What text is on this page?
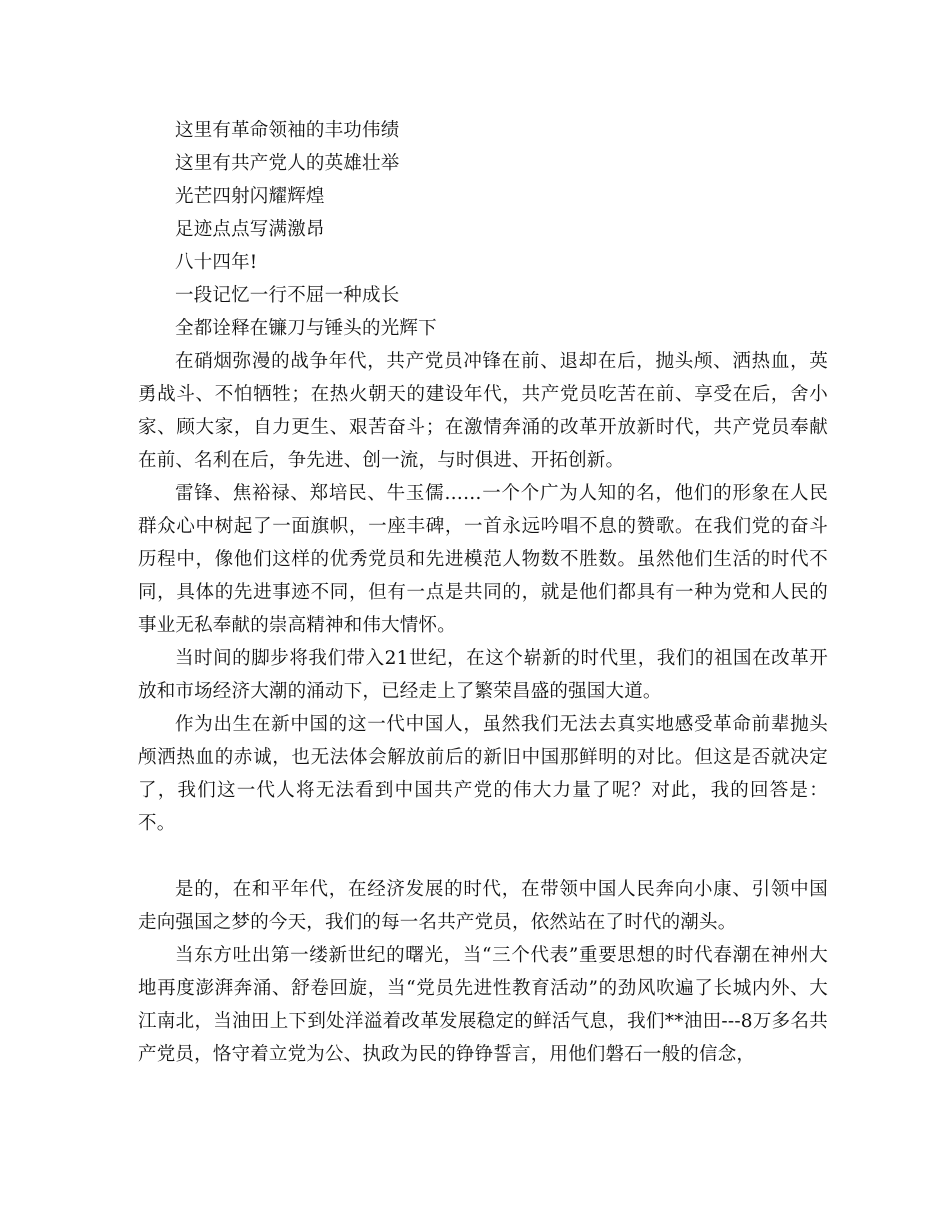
这里有革命领袖的丰功伟绩

这里有共产党人的英雄壮举

光芒四射闪耀辉煌

足迹点点写满激昂

八十四年!

一段记忆一行不屈一种成长

全都诠释在镰刀与锤头的光辉下

在硝烟弥漫的战争年代，共产党员冲锋在前、退却在后，抛头颅、洒热血，英勇战斗、不怕牺牲；在热火朝天的建设年代，共产党员吃苦在前、享受在后，舍小家、顾大家，自力更生、艰苦奋斗；在激情奔涌的改革开放新时代，共产党员奉献在前、名利在后，争先进、创一流，与时俱进、开拓创新。

雷锋、焦裕禄、郑培民、牛玉儒……一个个广为人知的名，他们的形象在人民群众心中树起了一面旗帜，一座丰碑，一首永远吟唱不息的赞歌。在我们党的奋斗历程中，像他们这样的优秀党员和先进模范人物数不胜数。虽然他们生活的时代不同，具体的先进事迹不同，但有一点是共同的，就是他们都具有一种为党和人民的事业无私奉献的崇高精神和伟大情怀。

当时间的脚步将我们带入21世纪，在这个崭新的时代里，我们的祖国在改革开放和市场经济大潮的涌动下，已经走上了繁荣昌盛的强国大道。

作为出生在新中国的这一代中国人，虽然我们无法去真实地感受革命前辈抛头颅洒热血的赤诚，也无法体会解放前后的新旧中国那鲜明的对比。但这是否就决定了，我们这一代人将无法看到中国共产党的伟大力量了呢？对此，我的回答是：不。

是的，在和平年代，在经济发展的时代，在带领中国人民奔向小康、引领中国走向强国之梦的今天，我们的每一名共产党员，依然站在了时代的潮头。

当东方吐出第一缕新世纪的曙光，当“三个代表”重要思想的时代春潮在神州大地再度澎湃奔涌、舒卷回旋，当“党员先进性教育活动”的劲风吹遍了长城内外、大江南北，当油田上下到处洋溢着改革发展稳定的鲜活气息，我们**油田---8万多名共产党员，恪守着立党为公、执政为民的铮铮誓言，用他们磐石一般的信念，
